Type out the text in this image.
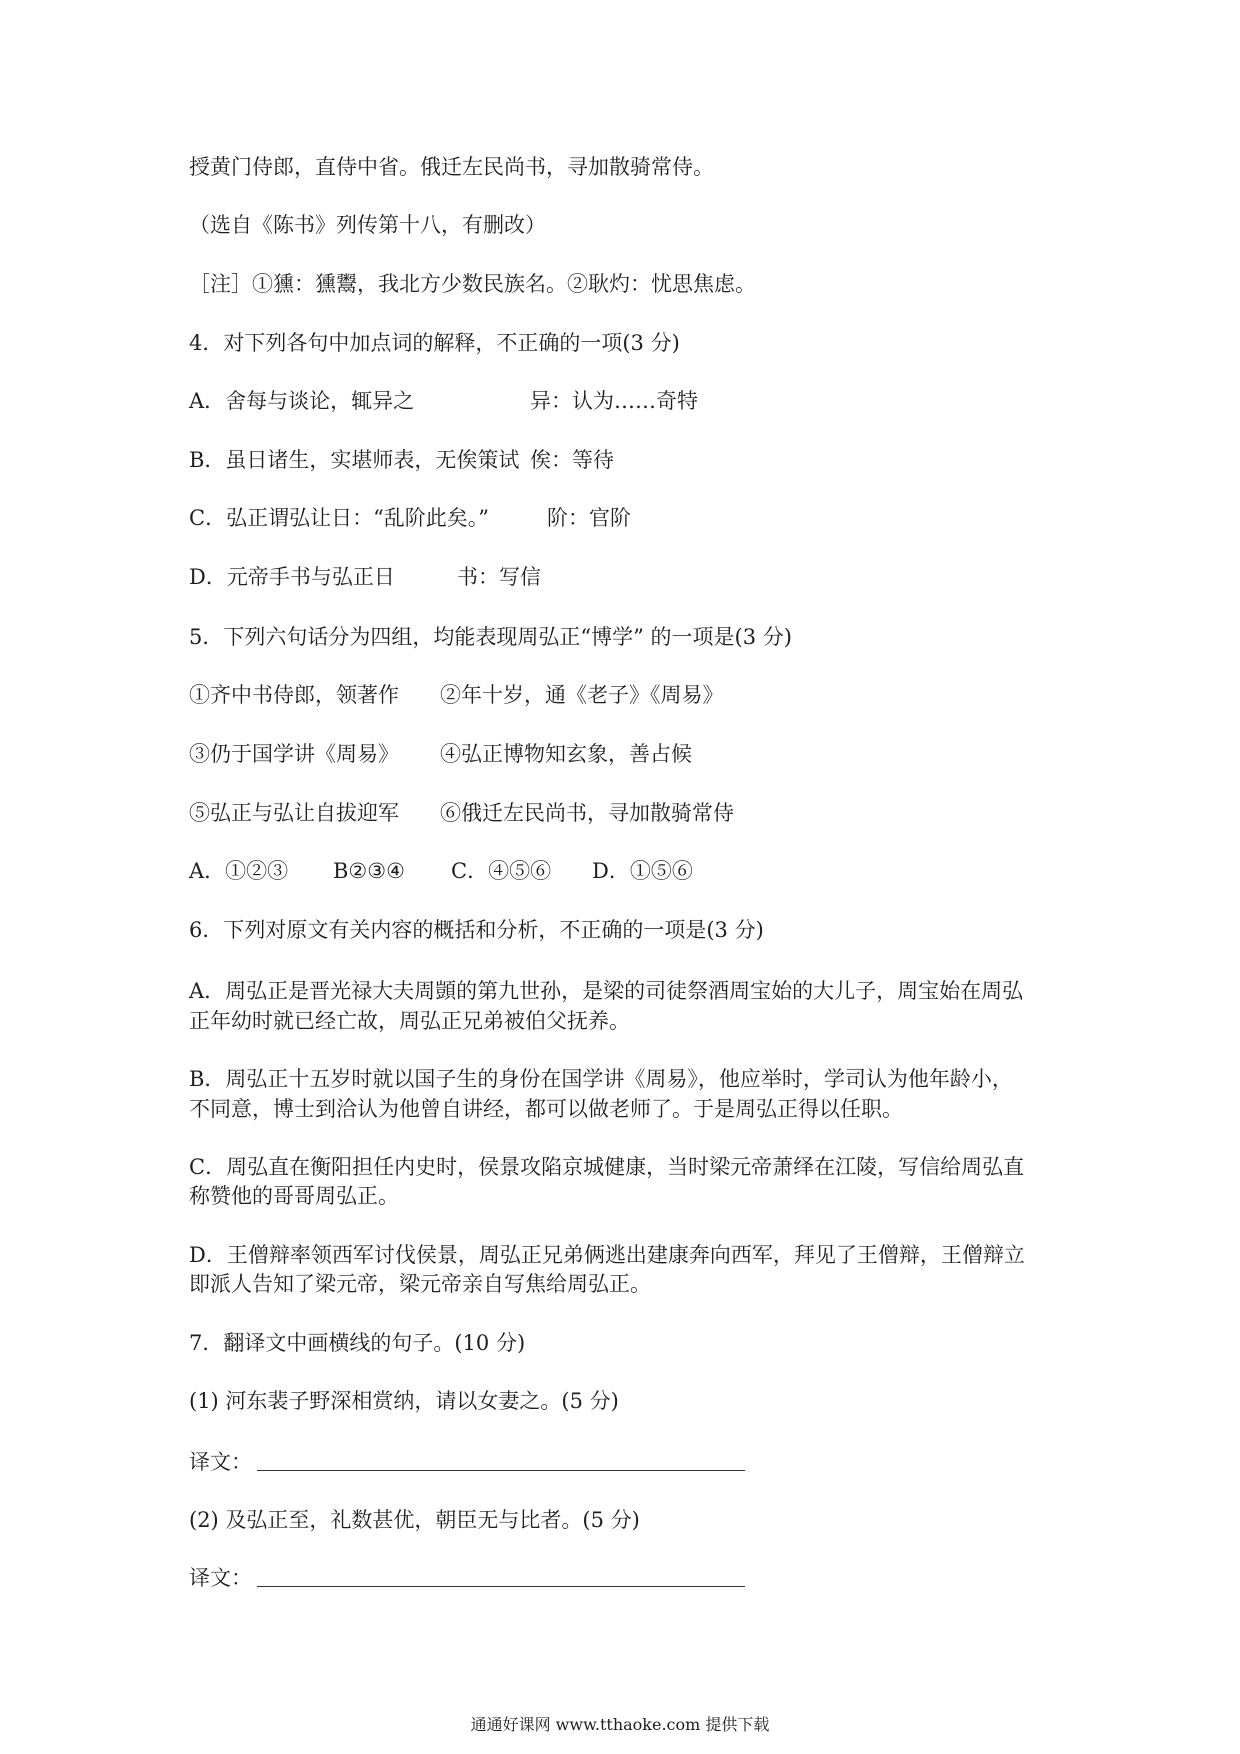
授黄门侍郎，直侍中省。俄迁左民尚书，寻加散骑常侍。
（选自《陈书》列传第十八，有删改）
［注］①獯：獯鬻，我北方少数民族名。②耿灼：忧思焦虑。
4．对下列各句中加点词的解释，不正确的一项(3 分)
A．舍每与谈论，辄异之	异：认为……奇特
B．虽日诸生，实堪师表，无俟策试 俟：等待
C．弘正谓弘让日：“乱阶此矣。”	阶：官阶
D．元帝手书与弘正日	书：写信
5．下列六句话分为四组，均能表现周弘正“博学” 的一项是(3 分)
①齐中书侍郎，领著作 ②年十岁，通《老子》《周易》
③仍于国学讲《周易》 ④弘正博物知玄象，善占候
⑤弘正与弘让自拔迎军 ⑥俄迁左民尚书，寻加散骑常侍
A．①②③ B②③④ C．④⑤⑥ D．①⑤⑥
6．下列对原文有关内容的概括和分析，不正确的一项是(3 分)
A．周弘正是晋光禄大夫周顗的第九世孙，是梁的司徒祭酒周宝始的大儿子，周宝始在周弘
正年幼时就已经亡故，周弘正兄弟被伯父抚养。
B．周弘正十五岁时就以国子生的身份在国学讲《周易》，他应举时，学司认为他年龄小，
不同意，博士到洽认为他曾自讲经，都可以做老师了。于是周弘正得以任职。
C．周弘直在衡阳担任内史时，侯景攻陷京城健康，当时梁元帝萧绎在江陵，写信给周弘直
称赞他的哥哥周弘正。
D．王僧辩率领西军讨伐侯景，周弘正兄弟俩逃出建康奔向西军，拜见了王僧辩，王僧辩立
即派人告知了梁元帝，梁元帝亲自写焦给周弘正。
7．翻译文中画横线的句子。(10 分)
(1) 河东裴子野深相赏纳，请以女妻之。(5 分)
译文：
(2) 及弘正至，礼数甚优，朝臣无与比者。(5 分)
译文：
通通好课网 www.tthaoke.com 提供下载
